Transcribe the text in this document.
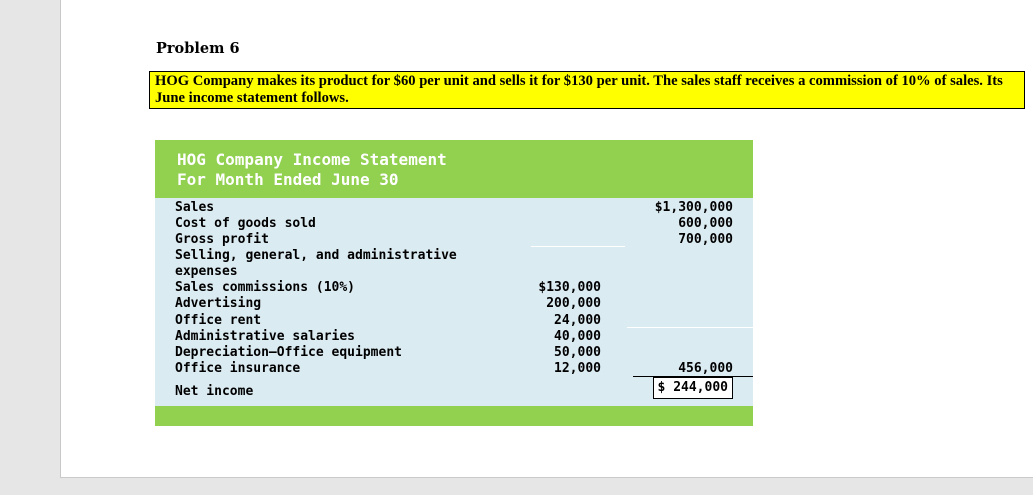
Problem 6
HOG Company makes its product for $60 per unit and sells it for $130 per unit. The sales staff receives a commission of 10% of sales. Its June income statement follows.
HOG Company Income Statement
For Month Ended June 30
Sales	$1,300,000
Cost of goods sold	600,000
Gross profit	700,000
Selling, general, and administrative
expenses
Sales commissions (10%)	$130,000
Advertising	200,000
Office rent	24,000
Administrative salaries	40,000
Depreciation—Office equipment	50,000
Office insurance	12,000	456,000
Net income	$ 244,000
